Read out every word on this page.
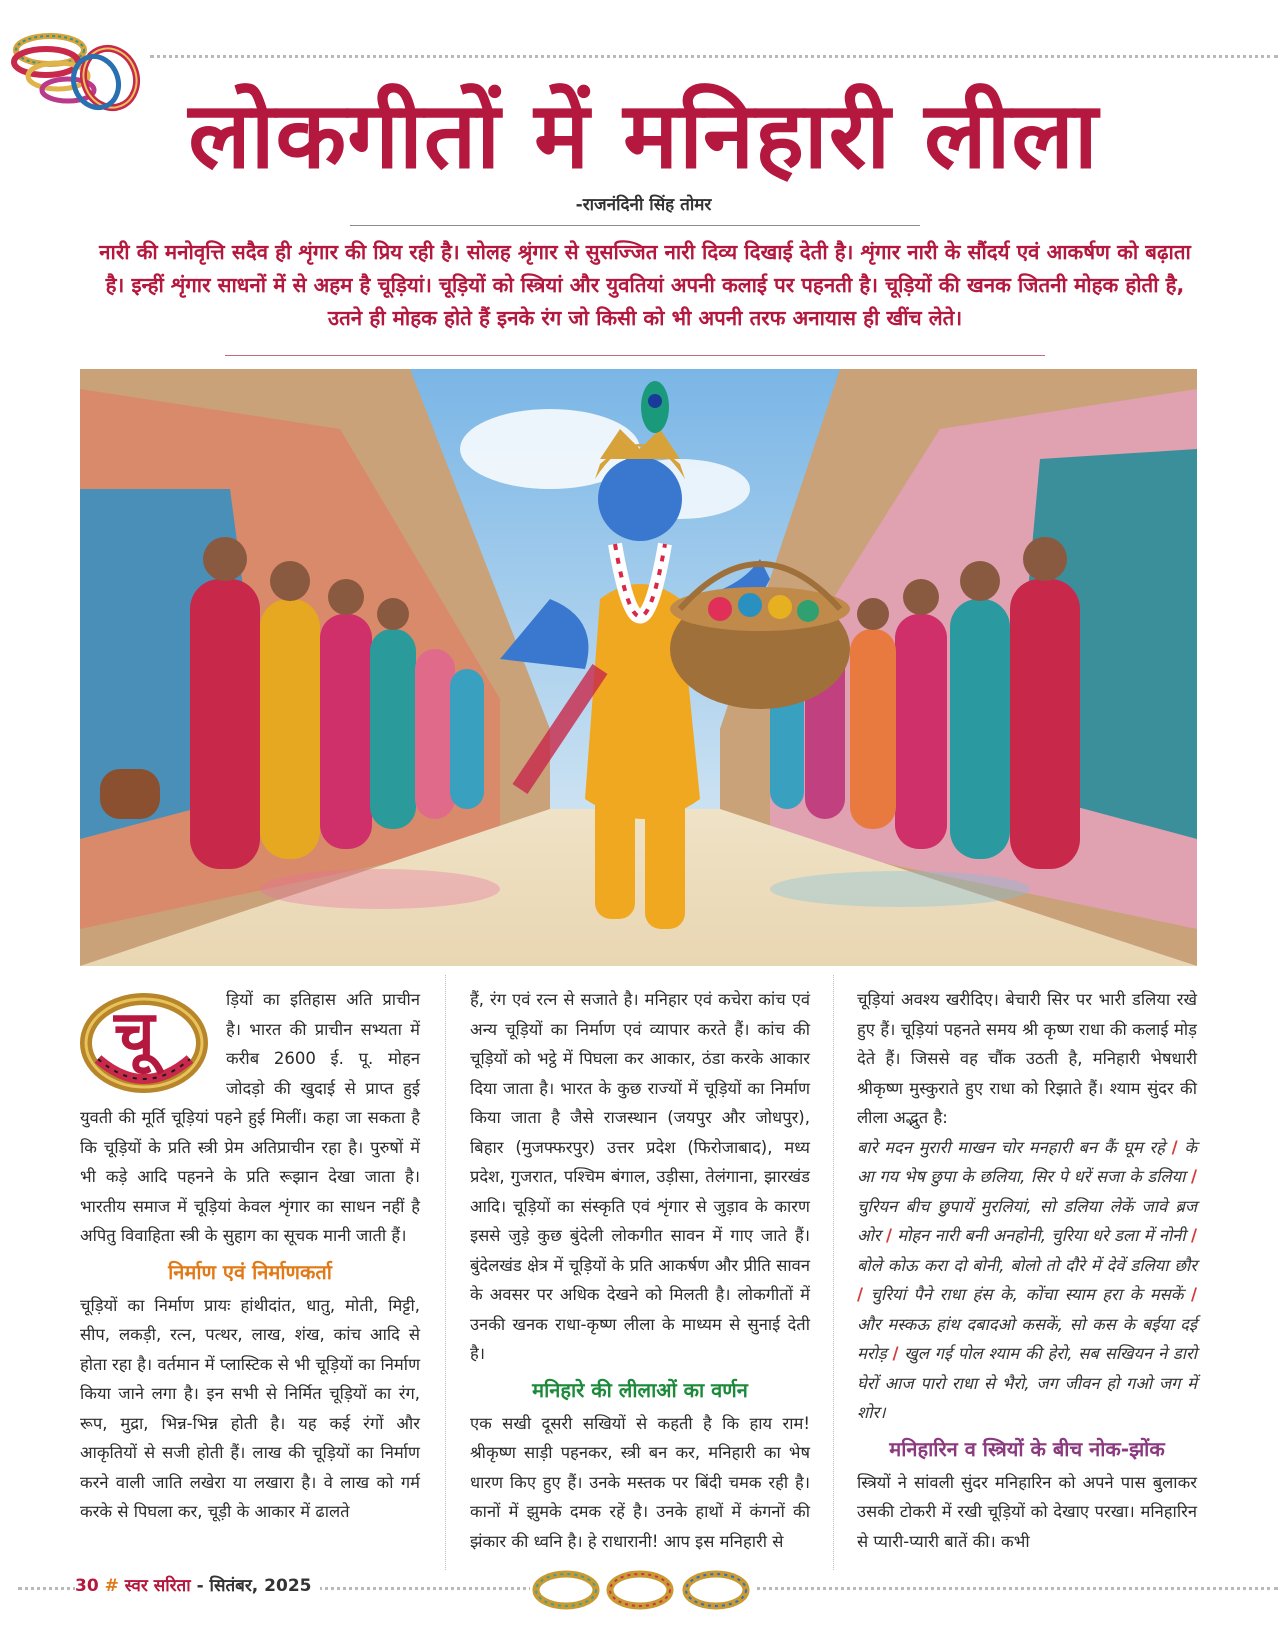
लोकगीतों में मनिहारी लीला
-राजनंदिनी सिंह तोमर
नारी की मनोवृत्ति सदैव ही शृंगार की प्रिय रही है। सोलह श्रृंगार से सुसज्जित नारी दिव्य दिखाई देती है। शृंगार नारी के सौंदर्य एवं आकर्षण को बढ़ाता है। इन्हीं शृंगार साधनों में से अहम है चूड़ियां। चूड़ियों को स्त्रियां और युवतियां अपनी कलाई पर पहनती है। चूड़ियों की खनक जितनी मोहक होती है, उतने ही मोहक होते हैं इनके रंग जो किसी को भी अपनी तरफ अनायास ही खींच लेते।
चू	ड़ियों का इतिहास अति प्राचीन है। भारत की प्राचीन सभ्यता में करीब 2600 ई. पू. मोहन जोदड़ो की खुदाई से प्राप्त हुई युवती की मूर्ति चूड़ियां पहने हुई मिलीं। कहा जा सकता है कि चूड़ियों के प्रति स्त्री प्रेम अतिप्राचीन रहा है। पुरुषों में भी कड़े आदि पहनने के प्रति रूझान देखा जाता है। भारतीय समाज में चूड़ियां केवल शृंगार का साधन नहीं है अपितु विवाहिता स्त्री के सुहाग का सूचक मानी जाती हैं।

निर्माण एवं निर्माणकर्ता

चूड़ियों का निर्माण प्रायः हांथीदांत, धातु, मोती, मिट्टी, सीप, लकड़ी, रत्न, पत्थर, लाख, शंख, कांच आदि से होता रहा है। वर्तमान में प्लास्टिक से भी चूड़ियों का निर्माण किया जाने लगा है। इन सभी से निर्मित चूड़ियों का रंग, रूप, मुद्रा, भिन्न-भिन्न होती है। यह कई रंगों और आकृतियों से सजी होती हैं। लाख की चूड़ियों का निर्माण करने वाली जाति लखेरा या लखारा है। वे लाख को गर्म करके से पिघला कर, चूड़ी के आकार में ढालते

हैं, रंग एवं रत्न से सजाते है। मनिहार एवं कचेरा कांच एवं अन्य चूड़ियों का निर्माण एवं व्यापार करते हैं। कांच की चूड़ियों को भट्ठे में पिघला कर आकार, ठंडा करके आकार दिया जाता है। भारत के कुछ राज्यों में चूड़ियों का निर्माण किया जाता है जैसे राजस्थान (जयपुर और जोधपुर), बिहार (मुजफ्फरपुर) उत्तर प्रदेश (फिरोजाबाद), मध्य प्रदेश, गुजरात, पश्चिम बंगाल, उड़ीसा, तेलंगाना, झारखंड आदि। चूड़ियों का संस्कृति एवं शृंगार से जुड़ाव के कारण इससे जुड़े कुछ बुंदेली लोकगीत सावन में गाए जाते हैं। बुंदेलखंड क्षेत्र में चूड़ियों के प्रति आकर्षण और प्रीति सावन के अवसर पर अधिक देखने को मिलती है। लोकगीतों में उनकी खनक राधा-कृष्ण लीला के माध्यम से सुनाई देती है।

मनिहारे की लीलाओं का वर्णन

एक सखी दूसरी सखियों से कहती है कि हाय राम! श्रीकृष्ण साड़ी पहनकर, स्त्री बन कर, मनिहारी का भेष धारण किए हुए हैं। उनके मस्तक पर बिंदी चमक रही है। कानों में झुमके दमक रहें है। उनके हाथों में कंगनों की झंकार की ध्वनि है। हे राधारानी! आप इस मनिहारी से

चूड़ियां अवश्य खरीदिए। बेचारी सिर पर भारी डलिया रखे हुए हैं। चूड़ियां पहनते समय श्री कृष्ण राधा की कलाई मोड़ देते हैं। जिससे वह चौंक उठती है, मनिहारी भेषधारी श्रीकृष्ण मुस्कुराते हुए राधा को रिझाते हैं। श्याम सुंदर की लीला अद्भुत है:

बारे मदन मुरारी माखन चोर मनहारी बन कैं घूम रहे / के आ गय भेष छुपा के छलिया, सिर पे धरें सजा के डलिया / चुरियन बीच छुपायें मुरलियां, सो डलिया लेकें जावे ब्रज ओर / मोहन नारी बनी अनहोनी, चुरिया धरे डला में नोनी / बोले कोऊ करा दो बोनी, बोलो तो दौरे में देवें डलिया छौर / चुरियां पैने राधा हंस के, कोंचा स्याम हरा के मसकें / और मस्कऊ हांथ दबादओ कसकें, सो कस के बईया दई मरोड़ / खुल गई पोल श्याम की हेरो, सब सखियन ने डारो घेरों आज पारो राधा से भैरो, जग जीवन हो गओ जग में शोर।

मनिहारिन व स्त्रियों के बीच नोक-झोंक

स्त्रियों ने सांवली सुंदर मनिहारिन को अपने पास बुलाकर उसकी टोकरी में रखी चूड़ियों को देखाए परखा। मनिहारिन से प्यारी-प्यारी बातें की। कभी

30 # स्वर सरिता - सितंबर, 2025
